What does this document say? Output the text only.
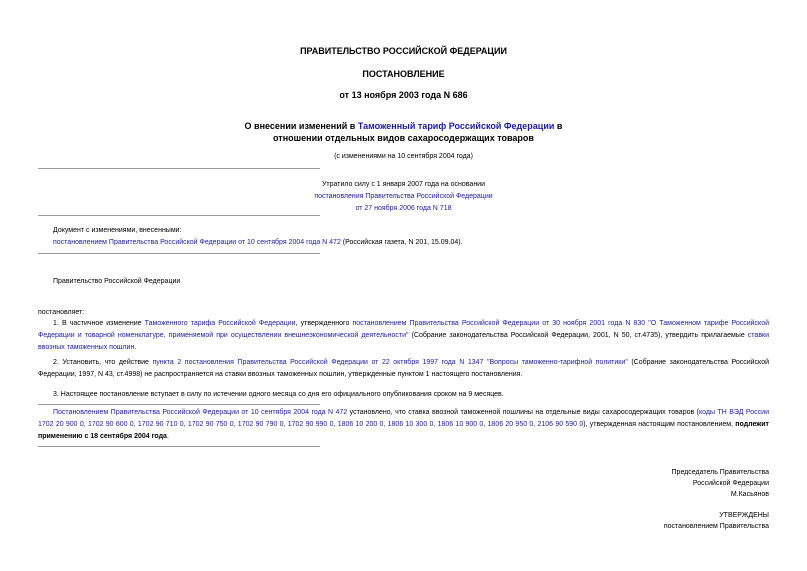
ПРАВИТЕЛЬСТВО РОССИЙСКОЙ ФЕДЕРАЦИИ
ПОСТАНОВЛЕНИЕ
от 13 ноября 2003 года N 686
О внесении изменений в Таможенный тариф Российской Федерации в
отношении отдельных видов сахаросодержащих товаров
(с изменениями на 10 сентября 2004 года)
Утратило силу с 1 января 2007 года на основании
постановления Правительства Российской Федерации
от 27 ноября 2006 года N 718
Документ с изменениями, внесенными:
постановлением Правительства Российской Федерации от 10 сентября 2004 года N 472 (Российская газета, N 201, 15.09.04).
Правительство Российской Федерации
постановляет:
1. В частичное изменение Таможенного тарифа Российской Федерации, утвержденного постановлением Правительства Российской Федерации от 30 ноября 2001 года N 830 "О Таможенном тарифе Российской Федерации и товарной номенклатуре, применяемой при осуществлении внешнеэкономической деятельности" (Собрание законодательства Российской Федерации, 2001, N 50, ст.4735), утвердить прилагаемые ставки ввозных таможенных пошлин.
2. Установить, что действие пункта 2 постановления Правительства Российской Федерации от 22 октября 1997 года N 1347 "Вопросы таможенно-тарифной политики" (Собрание законодательства Российской Федерации, 1997, N 43, ст.4998) не распространяется на ставки ввозных таможенных пошлин, утвержденные пунктом 1 настоящего постановления.
3. Настоящее постановление вступает в силу по истечении одного месяца со дня его официального опубликования сроком на 9 месяцев.
Постановлением Правительства Российской Федерации от 10 сентября 2004 года N 472 установлено, что ставка ввозной таможенной пошлины на отдельные виды сахаросодержащих товаров (коды ТН ВЭД России 1702 20 900 0, 1702 90 600 0, 1702 90 710 0, 1702 90 750 0, 1702 90 790 0, 1702 90 990 0, 1806 10 200 0, 1806 10 300 0, 1806 10 900 0, 1806 20 950 0, 2106 90 590 0), утвержденная настоящим постановлением, подлежит применению с 18 сентября 2004 года.
Председатель Правительства
Российской Федерации
М.Касьянов
УТВЕРЖДЕНЫ
постановлением Правительства
